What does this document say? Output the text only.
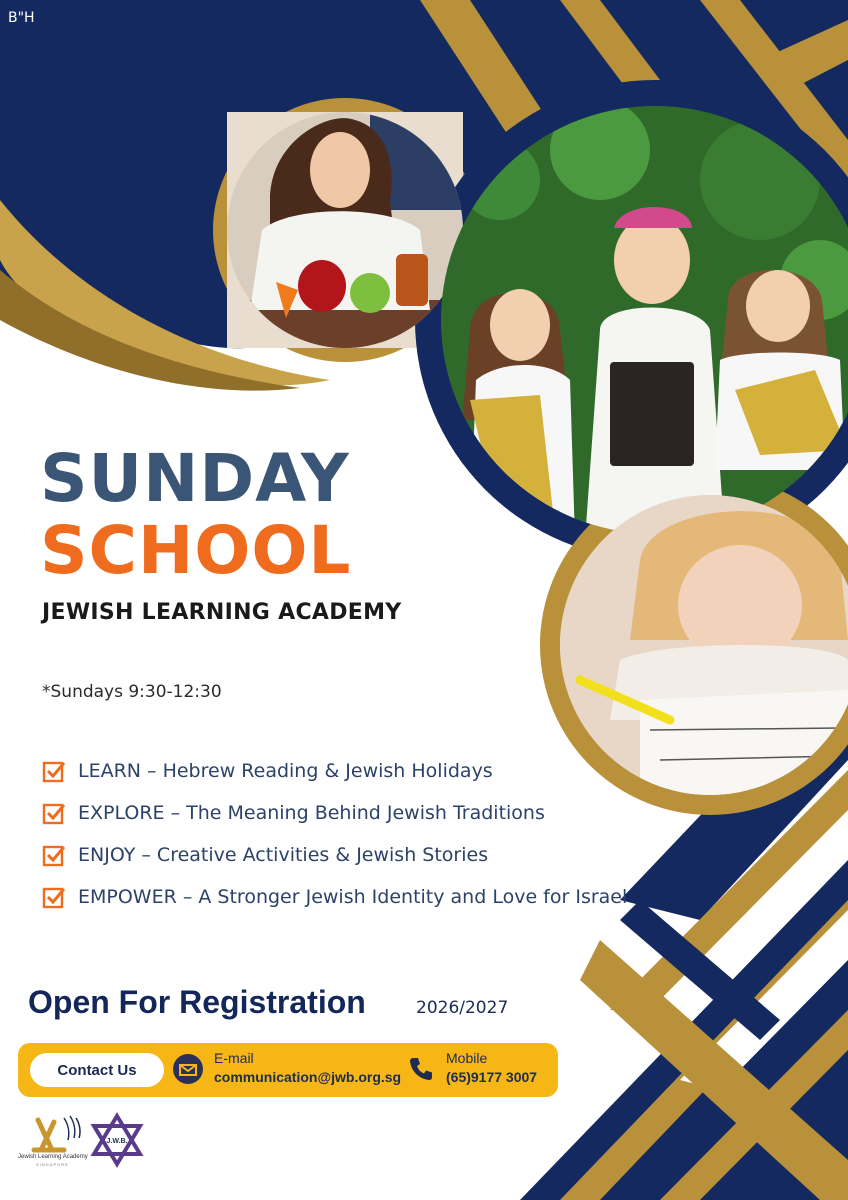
B"H
SUNDAY
SCHOOL
JEWISH LEARNING ACADEMY
*Sundays 9:30-12:30
LEARN – Hebrew Reading & Jewish Holidays
EXPLORE – The Meaning Behind Jewish Traditions
ENJOY – Creative Activities & Jewish Stories
EMPOWER – A Stronger Jewish Identity and Love for Israel
Open For Registration	2026/2027
Contact Us
E-mail
communication@jwb.org.sg
Mobile
(65)9177 3007
Jewish Learning Academy
SINGAPORE
J.W.B.
